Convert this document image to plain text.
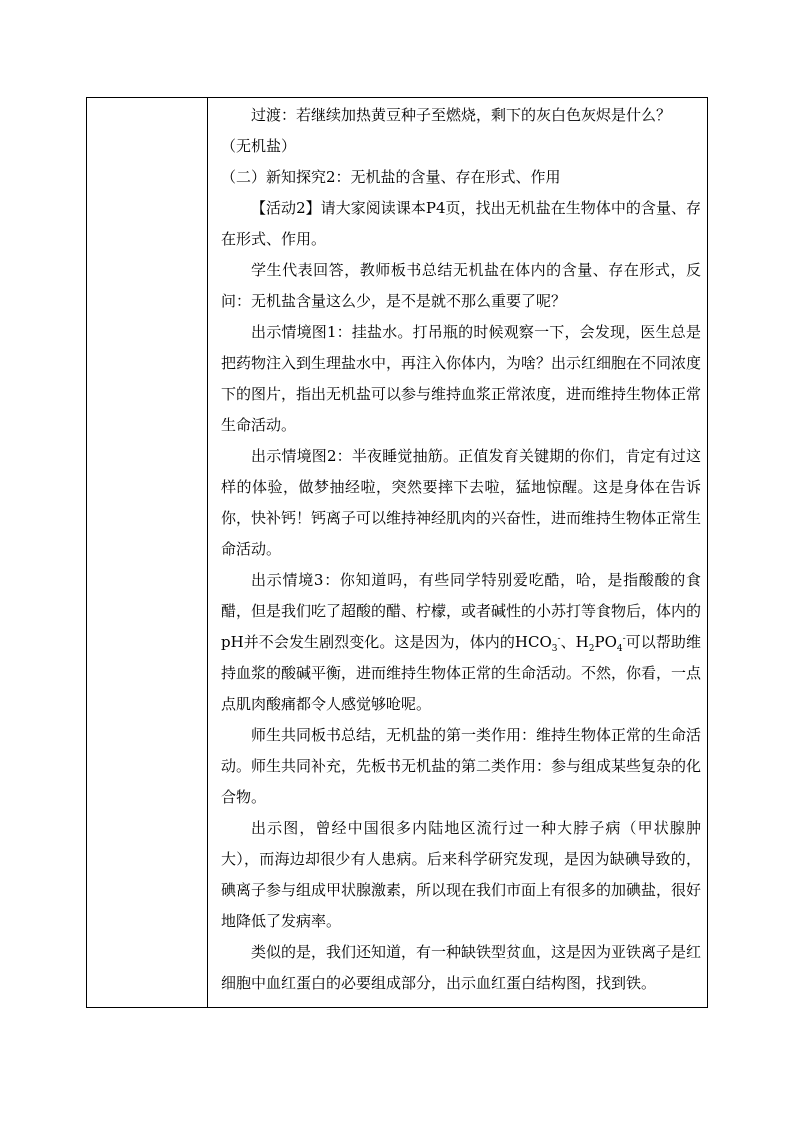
过渡：若继续加热黄豆种子至燃烧，剩下的灰白色灰烬是什么？

（无机盐）

（二）新知探究2：无机盐的含量、存在形式、作用

【活动2】请大家阅读课本P4页，找出无机盐在生物体中的含量、存在形式、作用。

学生代表回答，教师板书总结无机盐在体内的含量、存在形式，反问：无机盐含量这么少，是不是就不那么重要了呢？

出示情境图1：挂盐水。打吊瓶的时候观察一下，会发现，医生总是把药物注入到生理盐水中，再注入你体内，为啥？出示红细胞在不同浓度下的图片，指出无机盐可以参与维持血浆正常浓度，进而维持生物体正常生命活动。

出示情境图2：半夜睡觉抽筋。正值发育关键期的你们，肯定有过这样的体验，做梦抽经啦，突然要摔下去啦，猛地惊醒。这是身体在告诉你，快补钙！钙离子可以维持神经肌肉的兴奋性，进而维持生物体正常生命活动。

出示情境3：你知道吗，有些同学特别爱吃酷，哈，是指酸酸的食醋，但是我们吃了超酸的醋、柠檬，或者碱性的小苏打等食物后，体内的pH并不会发生剧烈变化。这是因为，体内的$HCO_3^-$、$H_2PO_4^-$可以帮助维持血浆的酸碱平衡，进而维持生物体正常的生命活动。不然，你看，一点点肌肉酸痛都令人感觉够呛呢。

师生共同板书总结，无机盐的第一类作用：维持生物体正常的生命活动。师生共同补充，先板书无机盐的第二类作用：参与组成某些复杂的化合物。

出示图，曾经中国很多内陆地区流行过一种大脖子病（甲状腺肿大），而海边却很少有人患病。后来科学研究发现，是因为缺碘导致的，碘离子参与组成甲状腺激素，所以现在我们市面上有很多的加碘盐，很好地降低了发病率。

类似的是，我们还知道，有一种缺铁型贫血，这是因为亚铁离子是红细胞中血红蛋白的必要组成部分，出示血红蛋白结构图，找到铁。
